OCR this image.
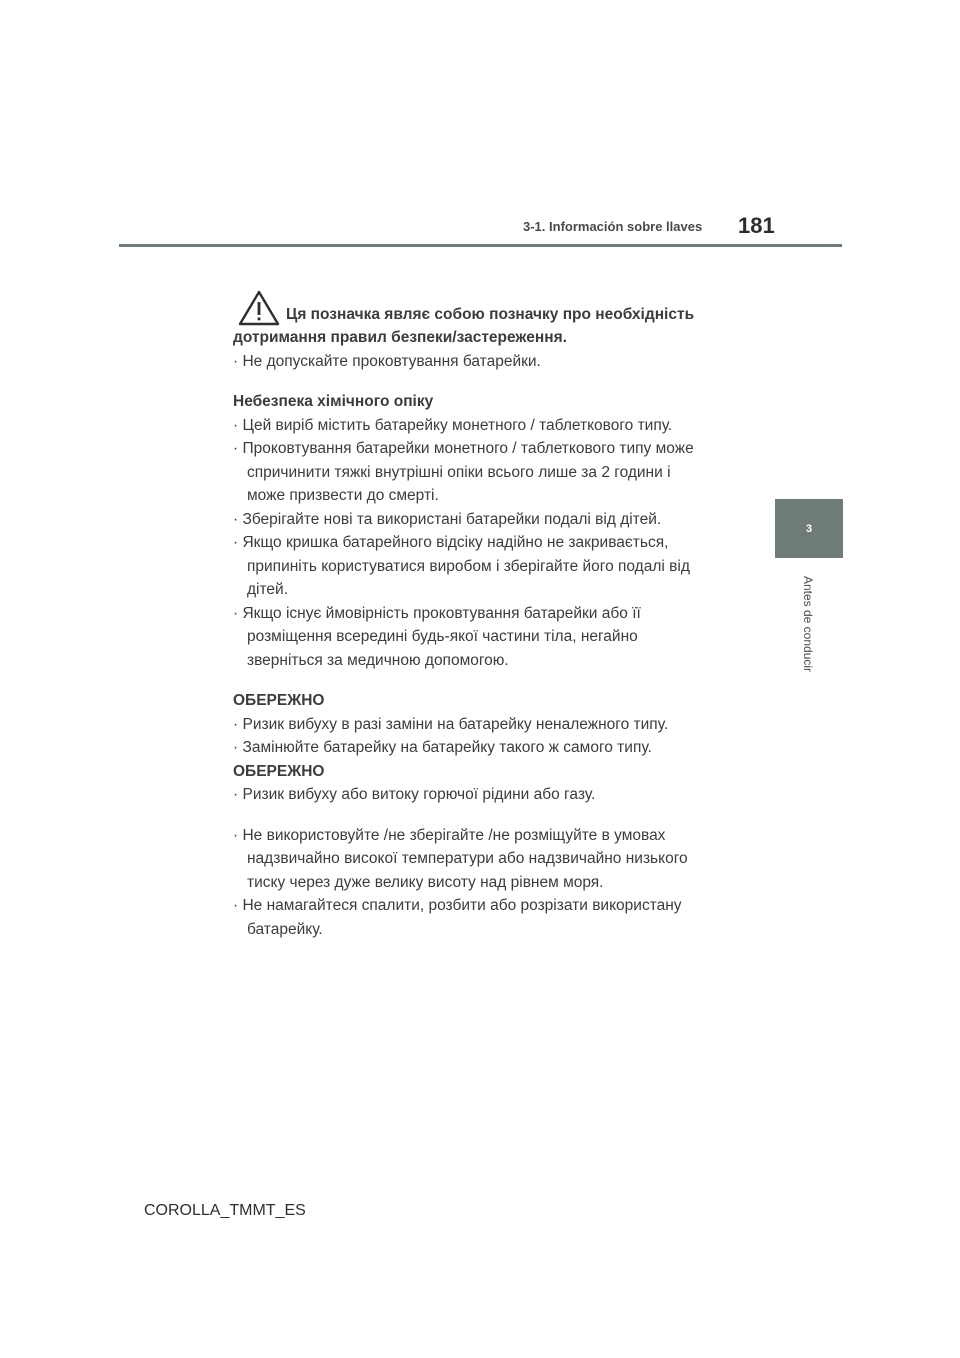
3-1. Información sobre llaves 181
3
Antes de conducir
Ця позначка являє собою позначку про необхідність

дотримання правил безпеки/застереження.

· Не допускайте проковтування батарейки.

Небезпека хімічного опіку

· Цей виріб містить батарейку монетного / таблеткового типу.

· Проковтування батарейки монетного / таблеткового типу може
спричинити тяжкі внутрішні опіки всього лише за 2 години і
може призвести до смерті.

· Зберігайте нові та використані батарейки подалі від дітей.

· Якщо кришка батарейного відсіку надійно не закривається,
припиніть користуватися виробом і зберігайте його подалі від
дітей.

· Якщо існує ймовірність проковтування батарейки або її
розміщення всередині будь-якої частини тіла, негайно
зверніться за медичною допомогою.

ОБЕРЕЖНО

· Ризик вибуху в разі заміни на батарейку неналежного типу.

· Замінюйте батарейку на батарейку такого ж самого типу.

ОБЕРЕЖНО

· Ризик вибуху або витоку горючої рідини або газу.

· Не використовуйте /не зберігайте /не розміщуйте в умовах
надзвичайно високої температури або надзвичайно низького
тиску через дуже велику висоту над рівнем моря.

· Не намагайтеся спалити, розбити або розрізати використану
батарейку.

COROLLA_TMMT_ES
